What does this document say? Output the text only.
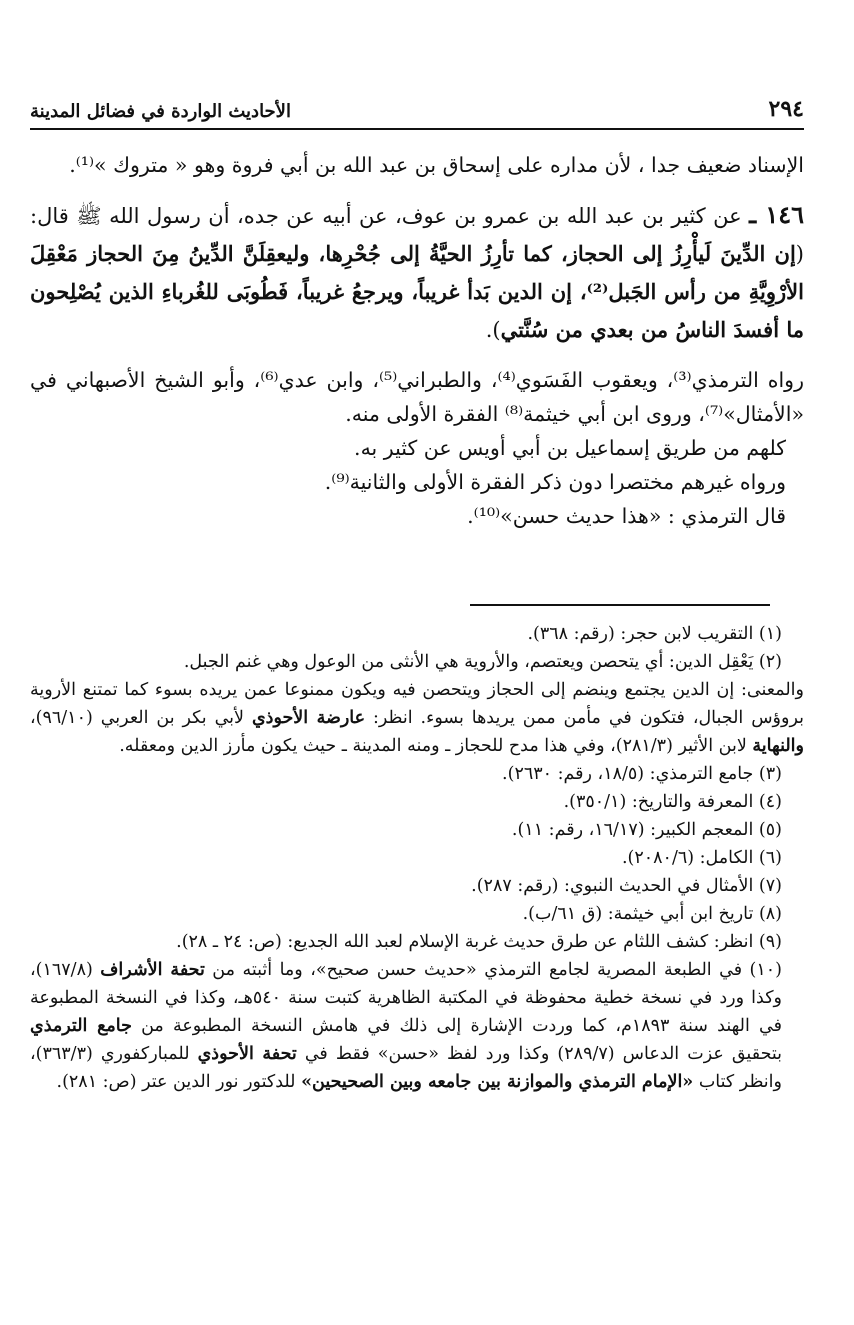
٢٩٤
الأحاديث الواردة في فضائل المدينة

الإسناد ضعيف جدا ، لأن مداره على إسحاق بن عبد الله بن أبي فروة وهو « متروك »⁽¹⁾.

١٤٦ ـ عن كثير بن عبد الله بن عمرو بن عوف، عن أبيه عن جده، أن رسول الله ﷺ قال: (إن الدِّينَ لَيأْرِزُ إلى الحجاز، كما تأرِزُ الحيَّةُ إلى جُحْرِها، وليعقِلَنَّ الدِّينُ مِنَ الحجاز مَعْقِلَ الأرْوِيَّةِ من رأس الجَبل⁽²⁾، إن الدين بَدأ غريباً، ويرجعُ غريباً، فَطُوبَى للغُرباءِ الذين يُصْلِحون ما أفسدَ الناسُ من بعدي من سُنَّتي).

رواه الترمذي⁽³⁾، ويعقوب الفَسَوي⁽⁴⁾، والطبراني⁽⁵⁾، وابن عدي⁽⁶⁾، وأبو الشيخ الأصبهاني في «الأمثال»⁽⁷⁾، وروى ابن أبي خيثمة⁽⁸⁾ الفقرة الأولى منه.

كلهم من طريق إسماعيل بن أبي أويس عن كثير به.

ورواه غيرهم مختصرا دون ذكر الفقرة الأولى والثانية⁽⁹⁾.

قال الترمذي : «هذا حديث حسن»⁽¹⁰⁾.

(١) التقريب لابن حجر: (رقم: ٣٦٨).

(٢) يَعْقِل الدين: أي يتحصن ويعتصم، والأروية هي الأنثى من الوعول وهي غنم الجبل.

والمعنى: إن الدين يجتمع وينضم إلى الحجاز ويتحصن فيه ويكون ممنوعا عمن يريده بسوء كما تمتنع الأروية بروؤس الجبال، فتكون في مأمن ممن يريدها بسوء. انظر: عارضة الأحوذي لأبي بكر بن العربي (٩٦/١٠)، والنهاية لابن الأثير (٢٨١/٣)، وفي هذا مدح للحجاز ـ ومنه المدينة ـ حيث يكون مأرز الدين ومعقله.

(٣) جامع الترمذي: (١٨/٥، رقم: ٢٦٣٠).

(٤) المعرفة والتاريخ: (٣٥٠/١).

(٥) المعجم الكبير: (١٦/١٧، رقم: ١١).

(٦) الكامل: (٢٠٨٠/٦).

(٧) الأمثال في الحديث النبوي: (رقم: ٢٨٧).

(٨) تاريخ ابن أبي خيثمة: (ق ٦١/ب).

(٩) انظر: كشف اللثام عن طرق حديث غربة الإسلام لعبد الله الجديع: (ص: ٢٤ ـ ٢٨).

(١٠) في الطبعة المصرية لجامع الترمذي «حديث حسن صحيح»، وما أثبته من تحفة الأشراف (١٦٧/٨)، وكذا ورد في نسخة خطية محفوظة في المكتبة الظاهرية كتبت سنة ٥٤٠هـ، وكذا في النسخة المطبوعة في الهند سنة ١٨٩٣م، كما وردت الإشارة إلى ذلك في هامش النسخة المطبوعة من جامع الترمذي بتحقيق عزت الدعاس (٢٨٩/٧) وكذا ورد لفظ «حسن» فقط في تحفة الأحوذي للمباركفوري (٣٦٣/٣)، وانظر كتاب «الإمام الترمذي والموازنة بين جامعه وبين الصحيحين» للدكتور نور الدين عتر (ص: ٢٨١).
